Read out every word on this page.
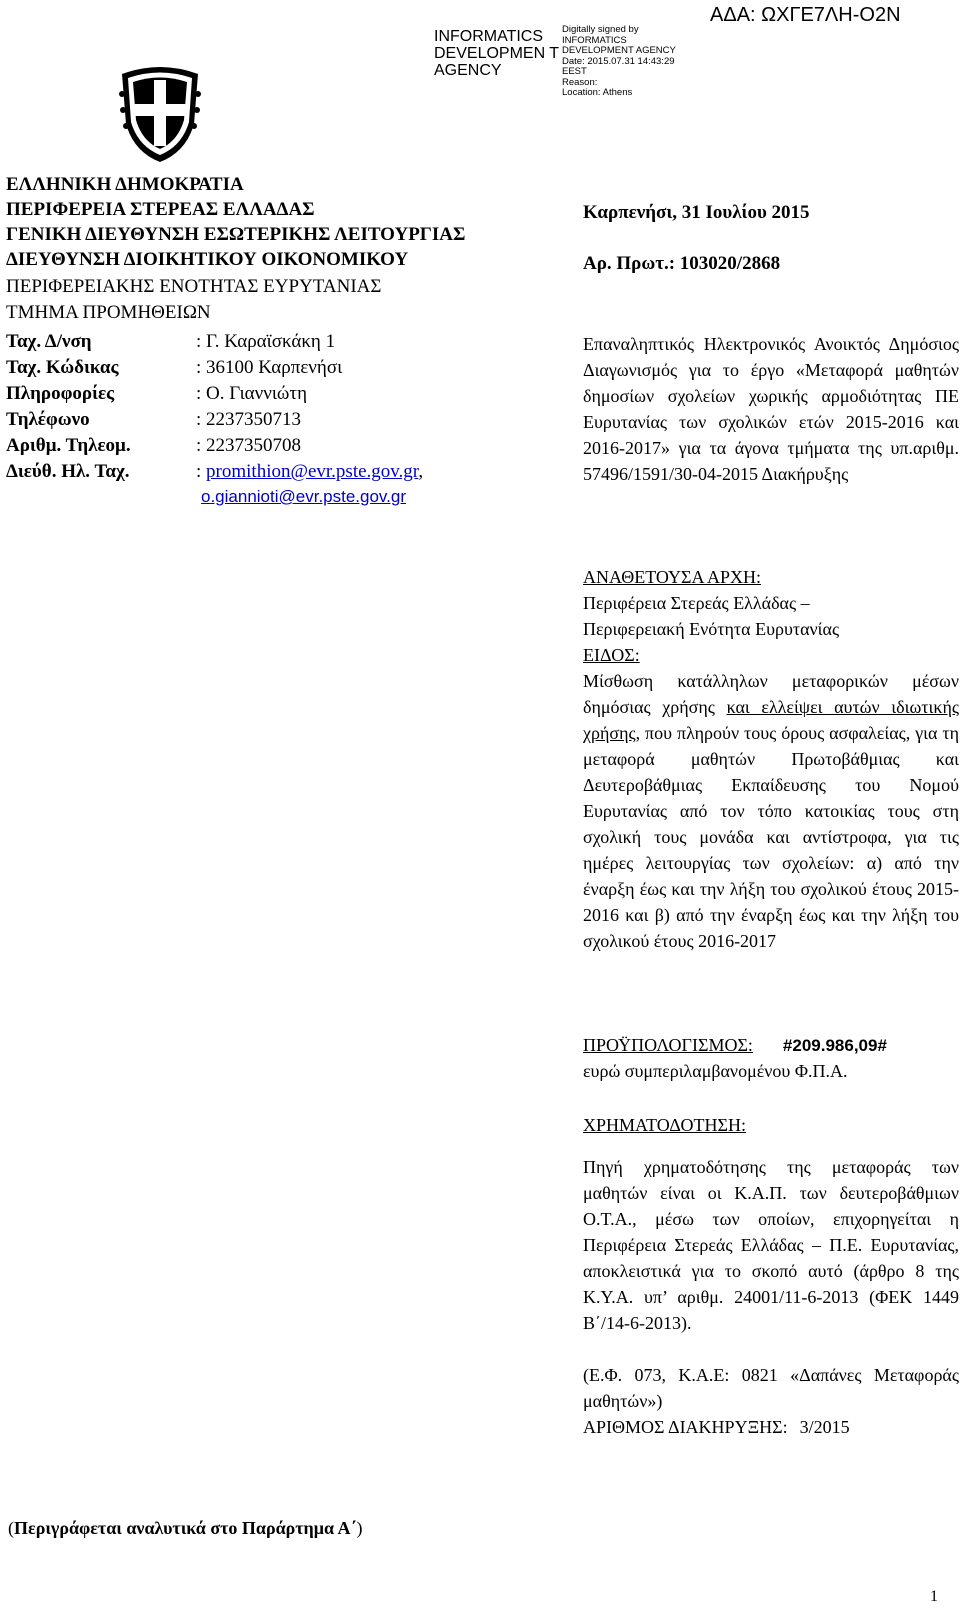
ΑΔΑ: ΩΧΓΕ7ΛΗ-Ο2Ν
INFORMATICS DEVELOPMEN T AGENCY
Digitally signed by
INFORMATICS
DEVELOPMENT AGENCY
Date: 2015.07.31 14:43:29
EEST
Reason:
Location: Athens
ΕΛΛΗΝΙΚΗ ΔΗΜΟΚΡΑΤΙΑ
ΠΕΡΙΦΕΡΕΙΑ ΣΤΕΡΕΑΣ ΕΛΛΑΔΑΣ
ΓΕΝΙΚΗ ΔΙΕΥΘΥΝΣΗ ΕΣΩΤΕΡΙΚΗΣ ΛΕΙΤΟΥΡΓΙΑΣ
ΔΙΕΥΘΥΝΣΗ ΔΙΟΙΚΗΤΙΚΟΥ ΟΙΚΟΝΟΜΙΚΟΥ
ΠΕΡΙΦΕΡΕΙΑΚΗΣ ΕΝΟΤΗΤΑΣ ΕΥΡΥΤΑΝΙΑΣ
ΤΜΗΜΑ ΠΡΟΜΗΘΕΙΩΝ
Ταχ. Δ/νση	: Γ. Καραϊσκάκη 1
Ταχ. Κώδικας	: 36100 Καρπενήσι
Πληροφορίες	: Ο. Γιαννιώτη
Τηλέφωνο	: 2237350713
Αριθμ. Τηλεομ.	: 2237350708
Διεύθ. Ηλ. Ταχ.	: promithion@evr.pste.gov.gr,
o.giannioti@evr.pste.gov.gr
Καρπενήσι, 31 Ιουλίου 2015
Αρ. Πρωτ.: 103020/2868
Επαναληπτικός Ηλεκτρονικός Ανοικτός Δημόσιος Διαγωνισμός για το έργο «Μεταφορά μαθητών δημοσίων σχολείων χωρικής αρμοδιότητας ΠΕ Ευρυτανίας των σχολικών ετών 2015-2016 και 2016-2017» για τα άγονα τμήματα της υπ.αριθμ. 57496/1591/30-04-2015 Διακήρυξης
ΑΝΑΘΕΤΟΥΣΑ ΑΡΧΗ:
Περιφέρεια Στερεάς Ελλάδας –
Περιφερειακή Ενότητα Ευρυτανίας
ΕΙΔΟΣ:
Μίσθωση κατάλληλων μεταφορικών μέσων δημόσιας χρήσης και ελλείψει αυτών ιδιωτικής χρήσης, που πληρούν τους όρους ασφαλείας, για τη μεταφορά μαθητών Πρωτοβάθμιας και Δευτεροβάθμιας Εκπαίδευσης του Νομού Ευρυτανίας από τον τόπο κατοικίας τους στη σχολική τους μονάδα και αντίστροφα, για τις ημέρες λειτουργίας των σχολείων: α) από την έναρξη έως και την λήξη του σχολικού έτους 2015-2016 και β) από την έναρξη έως και την λήξη του σχολικού έτους 2016-2017
ΠΡΟΫΠΟΛΟΓΙΣΜΟΣ: #209.986,09#
ευρώ συμπεριλαμβανομένου Φ.Π.Α.
ΧΡΗΜΑΤΟΔΟΤΗΣΗ:
Πηγή χρηματοδότησης της μεταφοράς των μαθητών είναι οι Κ.Α.Π. των δευτεροβάθμιων Ο.Τ.Α., μέσω των οποίων, επιχορηγείται η Περιφέρεια Στερεάς Ελλάδας – Π.Ε. Ευρυτανίας, αποκλειστικά για το σκοπό αυτό (άρθρο 8 της Κ.Υ.Α. υπ’ αριθμ. 24001/11-6-2013 (ΦΕΚ 1449 Β΄/14-6-2013).
(Ε.Φ. 073, Κ.Α.Ε: 0821 «Δαπάνες Μεταφοράς μαθητών»)
ΑΡΙΘΜΟΣ ΔΙΑΚΗΡΥΞΗΣ: 3/2015
(Περιγράφεται αναλυτικά στο Παράρτημα Α΄)
1
